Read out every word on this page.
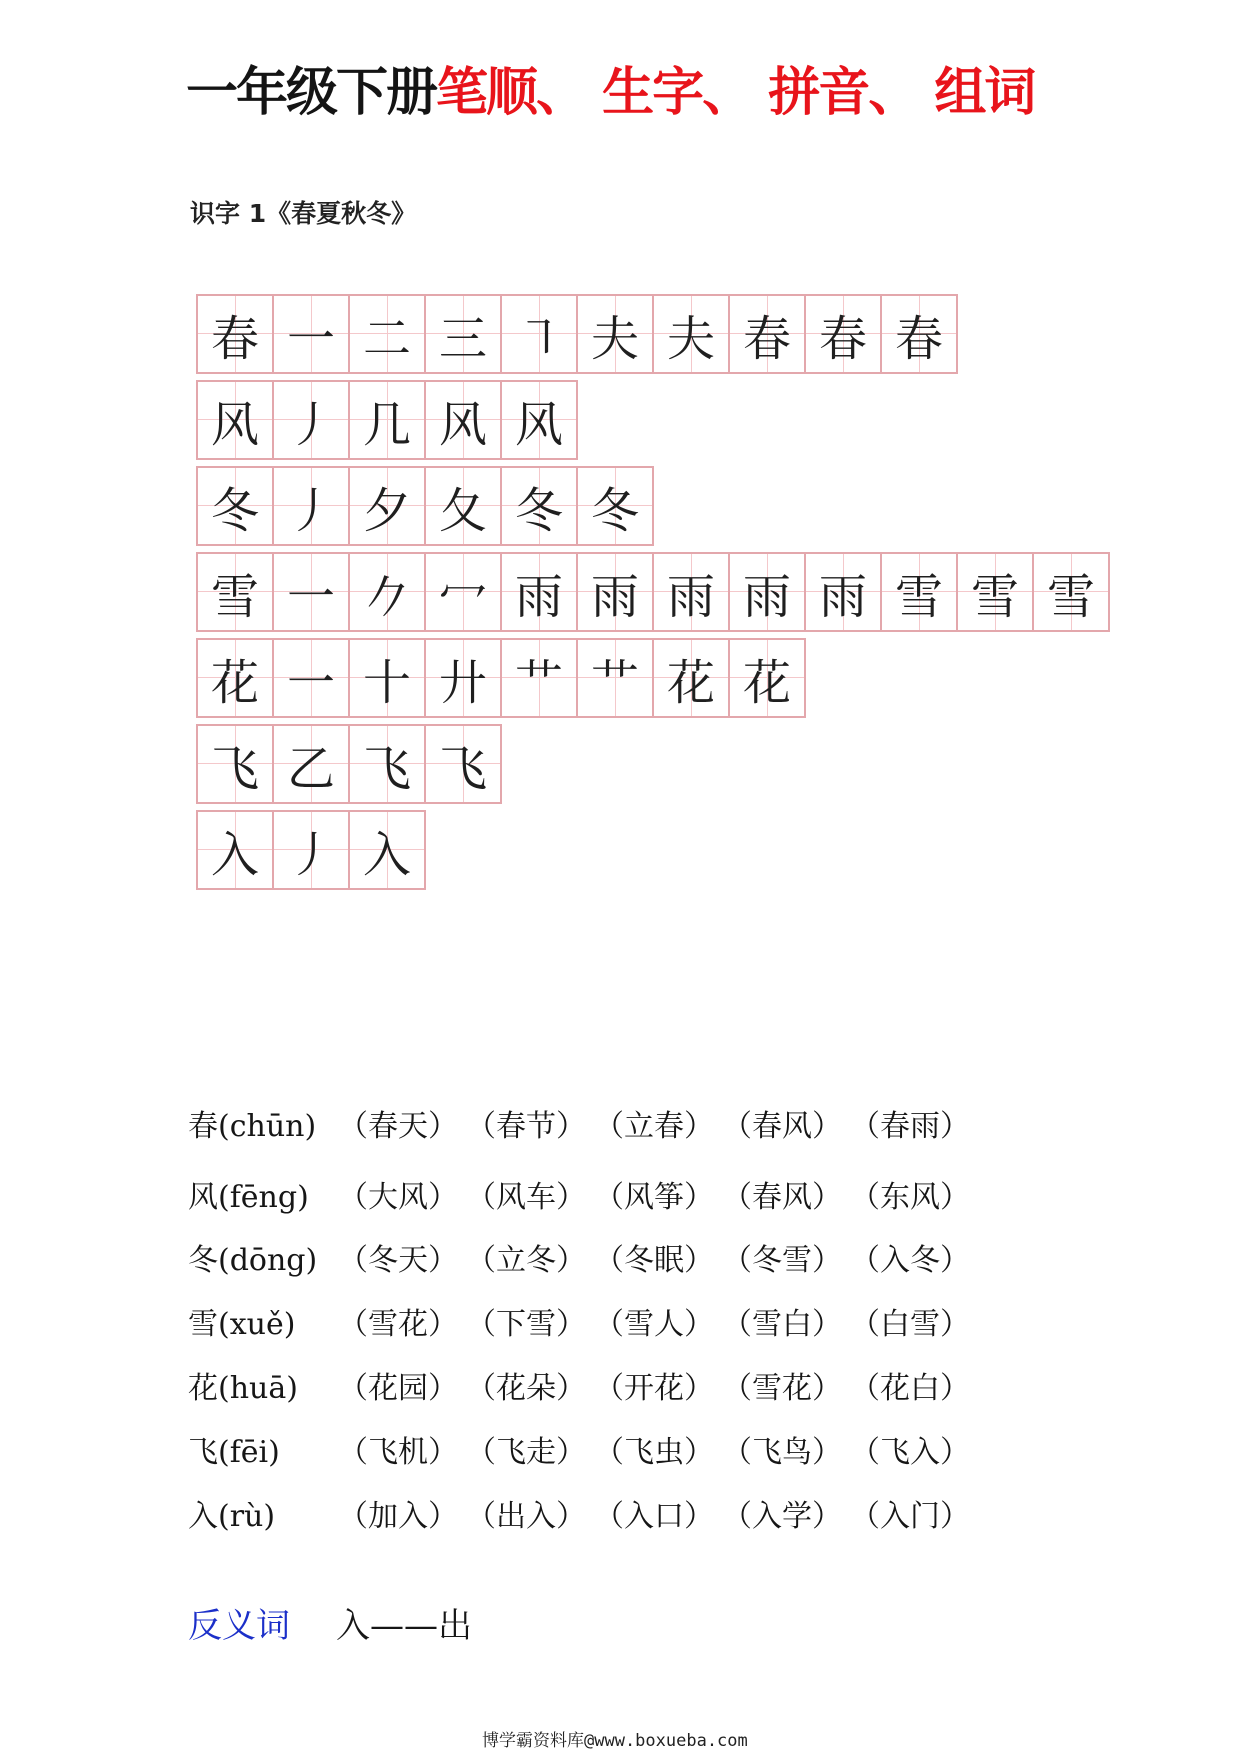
一年级下册笔顺、 生字、 拼音、 组词
识字 1《春夏秋冬》
春 一 二 三 ㇕ 夫 夫 春 春 春
风 丿 几 风 风
冬 丿 夕 夂 冬 冬
雪 一 𠂊 冖 雨 雨 雨 雨 雨 雪 雪 雪
花 一 十 廾 艹 艹 花 花
飞 乙 飞 飞
入 丿 入
春(chūn) （春天） （春节） （立春） （春风） （春雨）
风(fēng) （大风） （风车） （风筝） （春风） （东风）
冬(dōng) （冬天） （立冬） （冬眠） （冬雪） （入冬）
雪(xuě) （雪花） （下雪） （雪人） （雪白） （白雪）
花(huā) （花园） （花朵） （开花） （雪花） （花白）
飞(fēi) （飞机） （飞走） （飞虫） （飞鸟） （飞入）
入(rù) （加入） （出入） （入口） （入学） （入门）
反义词 入——出
博学霸资料库@www.boxueba.com
